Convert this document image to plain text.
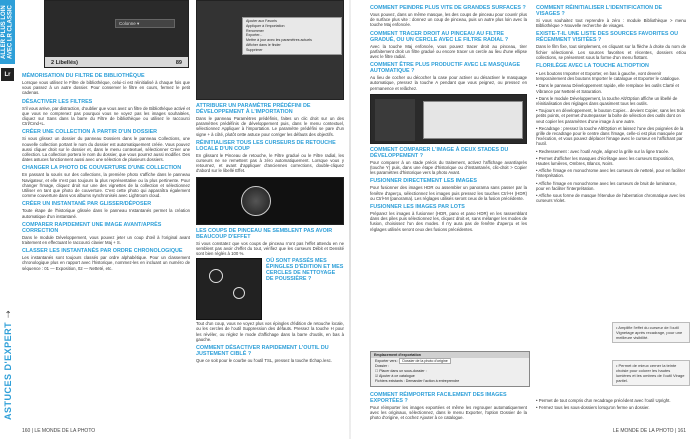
ALLER PLUS LOIN AVEC LR CLASSIC
Lr
ASTUCES D'EXPERT
⇢
Colonne ▾
2 Libellés)	89
MÉMORISATION DU FILTRE DE BIBLIOTHÈQUE
Lorsque vous utilisez le Filtre de bibliothèque, celui-ci est réinitialisé à chaque fois que vous passez à un autre dossier. Pour conserver le filtre en cours, fermez le petit cadenas.
DÉSACTIVER LES FILTRES
S'il vous arrive, par distraction, d'oublier que vous avez un filtre de Bibliothèque activé et que vous ne comprenez pas pourquoi vous ne voyez pas les images souhaitées, cliquez sur Sans dans la barre du Filtre de bibliothèque ou utilisez le raccourci Ctrl/Cmd+L.
CRÉER UNE COLLECTION À PARTIR D'UN DOSSIER
Si vous glissez un dossier du panneau Dossiers dans le panneau Collections, une nouvelle collection portant le nom du dossier est automatiquement créée. Vous pouvez aussi cliquer droit sur le dossier et, dans le menu contextuel, sélectionner Créer une collection. La collection portera le nom du dossier, que vous pourrez aussi modifier. Des dates astuces fonctionnent aussi avec une sélection de plusieurs dossiers.
CHANGER LA PHOTO DE COUVERTURE D'UNE COLLECTION
En passant la souris sur des collections, la première photo s'affiche dans le panneau Navigateur, et elle n'est pas toujours la plus représentative ou la plus pertinente. Pour changer l'image, cliquez droit sur une des vignettes de la collection et sélectionnez Utiliser en tant que photo de couverture. C'est cette photo qui apparaîtra également comme couverture dans vos albums synchronisés avec Lightroom cloud.
CRÉER UN INSTANTANÉ PAR GLISSER/DÉPOSER
Toute étape de l'historique glissée dans le panneau Instantanés permet la création automatique d'un instantané.
COMPARER RAPIDEMENT UNE IMAGE AVANT/APRÈS CORRECTION
Dans le module Développement, vous pouvez jeter un coup d'œil à l'original avant traitement en effectuant le raccourci clavier Maj + S.
CLASSER LES INSTANTANÉS PAR ORDRE CHRONOLOGIQUE
Les instantanés sont toujours classés par ordre alphabétique. Pour un classement chronologique plus en rapport avec l'historique, nommez-les en incluant un numéro de séquence : 01 — Exposition, 02 — Netteté, etc.
Ajouter aux Favoris
Appliquer à l'importation
Renommer
Exporter...
Mettre à jour avec les paramètres actuels
Afficher dans le finder
Supprimer
ATTRIBUER UN PARAMÈTRE PRÉDÉFINI DE DÉVELOPPEMENT À L'IMPORTATION
Dans le panneau Paramètres prédéfinis, faites un clic droit sur un des paramètres prédéfinis de développement puis, dans le menu contextuel, sélectionnez Appliquer à l'importation. Le paramètre prédéfini se pare d'un signe + à côté, plutôt cette astuce pour corriger les défauts des objectifs.
RÉINITIALISER TOUS LES CURSEURS DE RETOUCHE LOCALE D'UN COUP
En glissant le Pinceau de retouche, le Filtre gradué ou le Filtre radial, les curseurs ne se remettent pas à zéro automatiquement. Lorsque vous y retournez, et avant d'appliquer d'anciennes corrections, double-cliquez d'abord sur le libellé Effet.
LES COUPS DE PINCEAU NE SEMBLENT PAS AVOIR BEAUCOUP D'EFFET
Si vous constatez que vos coups de pinceau n'ont pas l'effet attendu en ne semblent pas avoir d'effet du tout, vérifiez que les curseurs Débit et Densité sont bien réglés à 100 %.
OÙ SONT PASSÉS MES ÉPINGLES D'ÉDITION ET MES CERCLES DE NETTOYAGE DE POUSSIÈRE ?
Tout d'un coup, vous ne voyez plus vos épingles d'édition de retouche locale, ou les cercles de l'outil Suppression des défauts. Pressez la touche H pour les révéler, ou réglez le mode d'affichage dans la barre d'outils, en bas à gauche.
COMMENT DÉSACTIVER RAPIDEMENT L'OUTIL DU JUSTEMENT CIBLÉ ?
Que ce soit pour le courbe ou l'outil TSL, pressez la touche Échap./esc.
160 | LE MONDE DE LA PHOTO
COMMENT PEINDRE PLUS VITE DE GRANDES SURFACES ?
Vous pouvez, dans un même masque, les des coups de pinceau pour couvrir plus de surface plus vite : donnez un coup de pinceau, puis un autre plus loin avec la touche Maj enfoncée.
COMMENT TRACER DROIT AU PINCEAU AU FILTRE GRADUÉ, OU UN CERCLE AVEC LE FILTRE RADIAL ?
Avec la touche Maj enfoncée, vous pouvez tracer droit au pinceau, tirer parfaitement droit un filtre gradué ou encore tracer un cercle au lieu d'une ellipse avec le filtre radial.
COMMENT ÊTRE PLUS PRODUCTIF AVEC LE MASQUAGE AUTOMATIQUE ?
Au lieu de cocher ou décocher la case pour activer ou désactiver le masquage automatique, pressez la touche A pendant que vous peignez, ou pressez en permanence et relâchez.
COMMENT COMPARER L'IMAGE À DEUX STADES DU DÉVELOPPEMENT ?
Pour comparer à un stade précis du traitement, activez l'affichage avant/après (touche Y) puis, dans une étape d'historique ou d'instantanés, clic-droit > Copier les paramètres d'historique vers la photo Avant.
FUSIONNER DIRECTEMENT LES IMAGES
Pour fusionner des images HDR ou assembler un panorama sans passer par la fenêtre d'aperçu, sélectionnez les images puis pressez les touches Ctrl+H (HDR) ou Ctrl+M (panorama). Les réglages utilisés seront ceux de la fusion précédente.
FUSIONNER LES IMAGES PAR LOTS
Préparez les images à fusionner (HDR, pano et pano HDR) en les rassemblant dans des piles puis sélectionnez les, cliquez droit et, sans mélanger les modes de fusion, choisissez l'un des modes. Il n'y aura pas de fenêtre d'aperçu et les réglages utilisés seront ceux des fusions précédentes.
Emplacement d'exportation
Exporter vers : Dossier de la photo d'origine
Dossier :
☐ Placer dans un sous-dossier :
☑ Ajouter à ce catalogue
Fichiers existants : Demander l'action à entreprendre
COMMENT RÉIMPORTER FACILEMENT DES IMAGES EXPORTÉES ?
Pour réimporter les images exportées et même les regrouper automatiquement avec les originaux, sélectionnez, dans le menu Exporter, l'option Dossier de la photo d'origine, et cochez Ajouter à ce catalogue.
COMMENT RÉINITIALISER L'IDENTIFICATION DE VISAGES ?
Si vous souhaitez tout reprendre à zéro : module Bibliothèque > menu Bibliothèque > Nouvelle recherche de visages.
EXISTE-T-IL UNE LISTE DES SOURCES FAVORITES OU RÉCEMMENT VISITÉES ?
Dans le film fixe, tout simplement, en cliquant sur la flèche à droite du nom de fichier sélectionné. Les sources favorites et récentes, dossiers et/ou collections, se présentent sous la forme d'un menu flottant.
FLORILÈGE AVEC LA TOUCHE ALT/OPTION
• Les boutons Importer et Exporter, en bas à gauche, vont devenir temporairement des boutons Importer le catalogue et Exporter le catalogue.
• Dans le panneau Développement rapide, elle remplace les outils Clarté et Vibrance par Netteté et Saturation.
• Dans le module Développement, la touche Alt/Option affiche un libellé de réinitialisation des réglages dans quasiment tous les outils.
• Toujours en développement, le bouton Copier... devient Copier, sans les trois petits points, et permet d'outrepasser la boîte de sélection des outils dont on veut copier les paramètres d'une image à une autre.
• Recadrage : pressez la touche Alt/Option et laissez l'une des poignées de la grille de recadrage pour le centre dans l'image, celle-ci est plus masquée par l'exécution, et vous pouvez déplacer l'image avec le curseur en l'affichant par l'outil.
• Redressement : avec l'outil Angle, alignez la grille sur la ligne tracée.
• Permet d'afficher les masques d'écrêtage avec les curseurs Exposition, Hautes lumières, Ombres, Blancs, Noirs.
• Affiche l'image en monochrome avec les curseurs de netteté, pour en faciliter l'interprétation.
• Affiche l'image en monochrome avec les curseurs de bruit de luminance, pour en faciliter l'interprétation.
• Affiche sous forme de masque l'étendue de l'aberration chromatique avec les curseurs Violet.
• Amplifie l'effet du curseur de l'outil Vignetage après recadrage, pour une meilleure visibilité.
• Permet de mieux cerner la teinte choisie pour colorer les hautes lumières et les ombres de l'outil Virage partiel.
• Permet de tout compris d'un recadrage précédent avec l'outil Upright.
• Fermez tous les sous-dossiers lorsqu'on ferme un dossier.
LE MONDE DE LA PHOTO | 161
